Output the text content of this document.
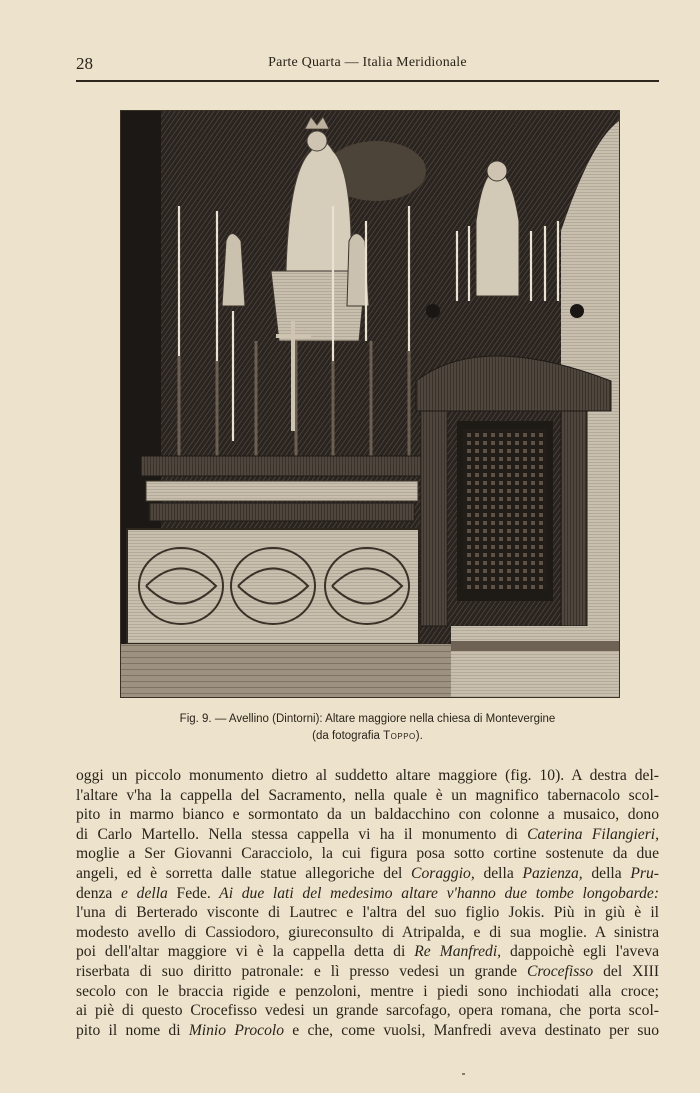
28	Parte Quarta — Italia Meridionale
Fig. 9. — Avellino (Dintorni): Altare maggiore nella chiesa di Montevergine
(da fotografia Toppo).
oggi un piccolo monumento dietro al suddetto altare maggiore (fig. 10). A destra del-
l'altare v'ha la cappella del Sacramento, nella quale è un magnifico tabernacolo scol-
pito in marmo bianco e sormontato da un baldacchino con colonne a musaico, dono
di Carlo Martello. Nella stessa cappella vi ha il monumento di Caterina Filangieri,
moglie a Ser Giovanni Caracciolo, la cui figura posa sotto cortine sostenute da due
angeli, ed è sorretta dalle statue allegoriche del Coraggio, della Pazienza, della Pru-
denza e della Fede. Ai due lati del medesimo altare v'hanno due tombe longobarde:
l'una di Berterado visconte di Lautrec e l'altra del suo figlio Jokis. Più in giù è il
modesto avello di Cassiodoro, giureconsulto di Atripalda, e di sua moglie. A sinistra
poi dell'altar maggiore vi è la cappella detta di Re Manfredi, dappoichè egli l'aveva
riserbata di suo diritto patronale: e lì presso vedesi un grande Crocefisso del XIII
secolo con le braccia rigide e penzoloni, mentre i piedi sono inchiodati alla croce;
ai piè di questo Crocefisso vedesi un grande sarcofago, opera romana, che porta scol-
pito il nome di Minio Procolo e che, come vuolsi, Manfredi aveva destinato per suo
